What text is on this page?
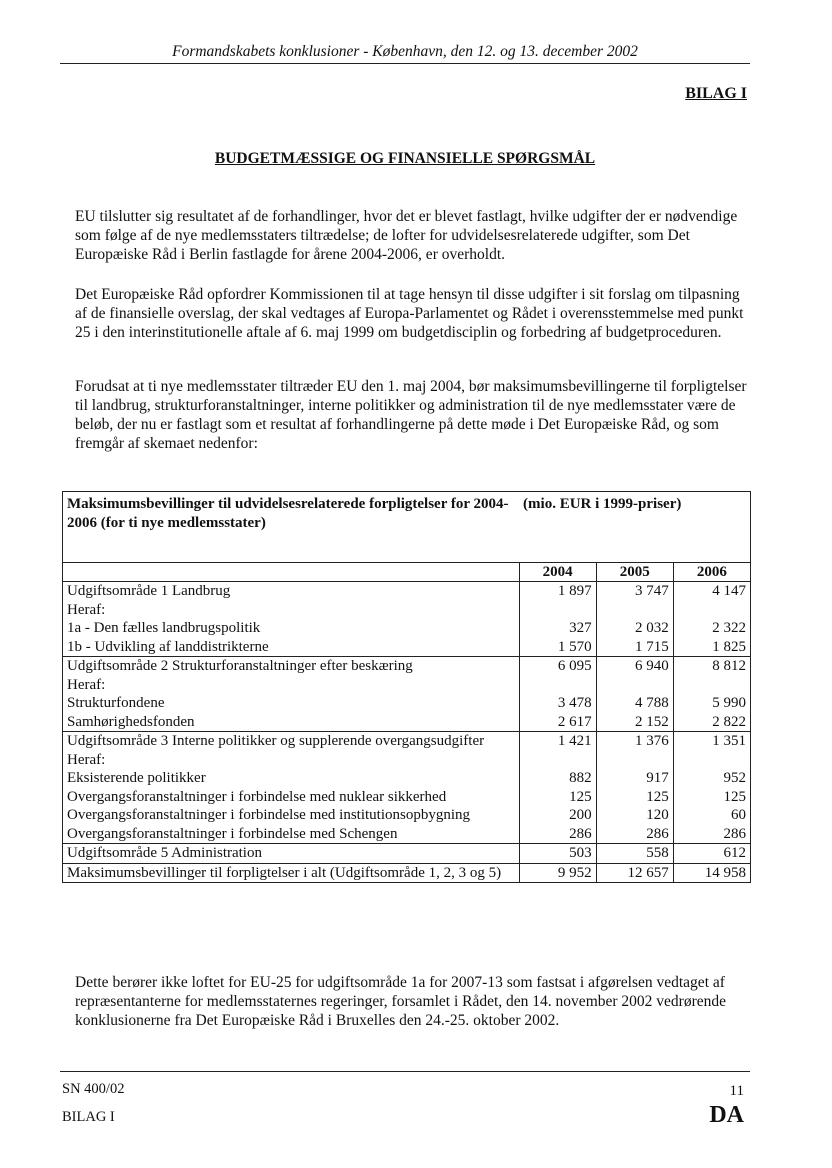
Formandskabets konklusioner - København, den 12. og 13. december 2002
BILAG I
BUDGETMÆSSIGE OG FINANSIELLE SPØRGSMÅL

EU tilslutter sig resultatet af de forhandlinger, hvor det er blevet fastlagt, hvilke udgifter der er nødvendige som følge af de nye medlemsstaters tiltrædelse; de lofter for udvidelsesrelaterede udgifter, som Det Europæiske Råd i Berlin fastlagde for årene 2004-2006, er overholdt.

Det Europæiske Råd opfordrer Kommissionen til at tage hensyn til disse udgifter i sit forslag om tilpasning af de finansielle overslag, der skal vedtages af Europa-Parlamentet og Rådet i overensstemmelse med punkt 25 i den interinstitutionelle aftale af 6. maj 1999 om budgetdisciplin og forbedring af budgetproceduren.

Forudsat at ti nye medlemsstater tiltræder EU den 1. maj 2004, bør maksimumsbevillingerne til forpligtelser til landbrug, strukturforanstaltninger, interne politikker og administration til de nye medlemsstater være de beløb, der nu er fastlagt som et resultat af forhandlingerne på dette møde i Det Europæiske Råd, og som fremgår af skemaet nedenfor:

Maksimumsbevillinger til udvidelsesrelaterede forpligtelser for 2004-2006 (for ti nye medlemsstater)	(mio. EUR i 1999-priser)		

	2004	2005	2006
Udgiftsområde 1 Landbrug	1 897	3 747	4 147
Heraf:			
1a - Den fælles landbrugspolitik	327	2 032	2 322
1b - Udvikling af landdistrikterne	1 570	1 715	1 825
Udgiftsområde 2 Strukturforanstaltninger efter beskæring	6 095	6 940	8 812
Heraf:			
Strukturfondene	3 478	4 788	5 990
Samhørighedsfonden	2 617	2 152	2 822
Udgiftsområde 3 Interne politikker og supplerende overgangsudgifter	1 421	1 376	1 351
Heraf:			
Eksisterende politikker	882	917	952
Overgangsforanstaltninger i forbindelse med nuklear sikkerhed	125	125	125
Overgangsforanstaltninger i forbindelse med institutionsopbygning	200	120	60
Overgangsforanstaltninger i forbindelse med Schengen	286	286	286
Udgiftsområde 5 Administration	503	558	612
Maksimumsbevillinger til forpligtelser i alt (Udgiftsområde 1, 2, 3 og 5)	9 952	12 657	14 958

Dette berører ikke loftet for EU-25 for udgiftsområde 1a for 2007-13 som fastsat i afgørelsen vedtaget af repræsentanterne for medlemsstaternes regeringer, forsamlet i Rådet, den 14. november 2002 vedrørende konklusionerne fra Det Europæiske Råd i Bruxelles den 24.-25. oktober 2002.

SN 400/02
BILAG I
11
DA
